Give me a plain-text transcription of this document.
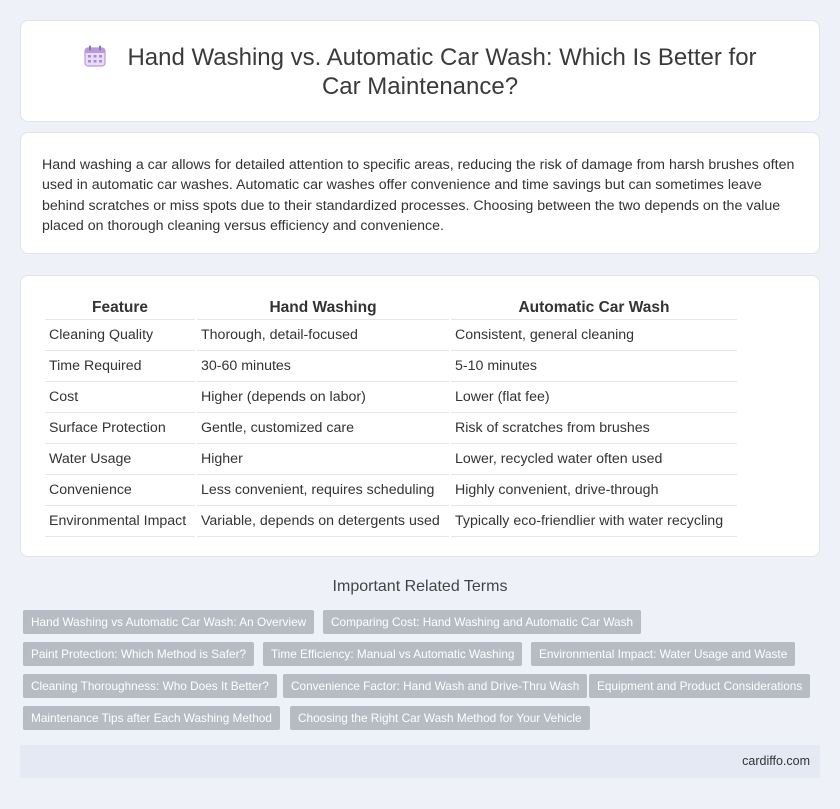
Hand Washing vs. Automatic Car Wash: Which Is Better for Car Maintenance?

Hand washing a car allows for detailed attention to specific areas, reducing the risk of damage from harsh brushes often used in automatic car washes. Automatic car washes offer convenience and time savings but can sometimes leave behind scratches or miss spots due to their standardized processes. Choosing between the two depends on the value placed on thorough cleaning versus efficiency and convenience.

Feature	Hand Washing	Automatic Car Wash
Cleaning Quality	Thorough, detail-focused	Consistent, general cleaning
Time Required	30-60 minutes	5-10 minutes
Cost	Higher (depends on labor)	Lower (flat fee)
Surface Protection	Gentle, customized care	Risk of scratches from brushes
Water Usage	Higher	Lower, recycled water often used
Convenience	Less convenient, requires scheduling	Highly convenient, drive-through
Environmental Impact	Variable, depends on detergents used	Typically eco-friendlier with water recycling
Important Related Terms
Hand Washing vs Automatic Car Wash: An Overview	Comparing Cost: Hand Washing and Automatic Car Wash
Paint Protection: Which Method is Safer?	Time Efficiency: Manual vs Automatic Washing	Environmental Impact: Water Usage and Waste
Cleaning Thoroughness: Who Does It Better?	Convenience Factor: Hand Wash and Drive-Thru Wash	Equipment and Product Considerations
Maintenance Tips after Each Washing Method	Choosing the Right Car Wash Method for Your Vehicle
cardiffo.com
